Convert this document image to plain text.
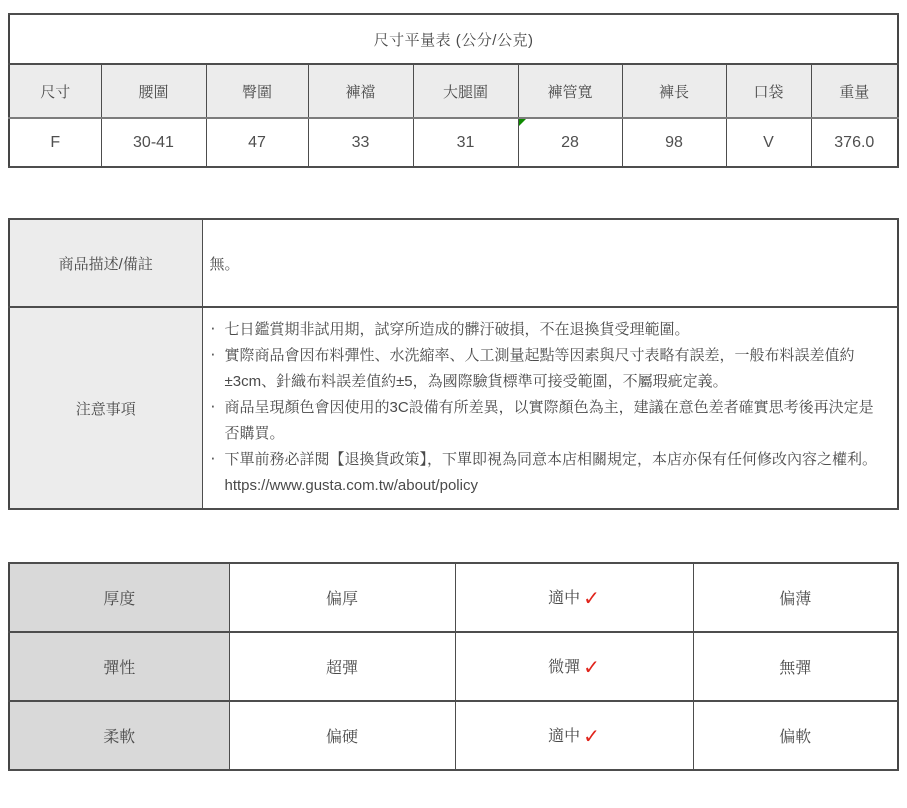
尺寸平量表 (公分/公克)								
尺寸	腰圍	臀圍	褲襠	大腿圍	褲管寬	褲長	口袋	重量
F	30-41	47	33	31	28	98	V	376.0
商品描述/備註	無。
注意事項	
‧ 七日鑑賞期非試用期，試穿所造成的髒汙破損，不在退換貨受理範圍。
‧ 實際商品會因布料彈性、水洗縮率、人工測量起點等因素與尺寸表略有誤差，一般布料誤差值約±3cm、針織布料誤差值約±5，為國際驗貨標準可接受範圍，不屬瑕疵定義。
‧ 商品呈現顏色會因使用的3C設備有所差異，以實際顏色為主，建議在意色差者確實思考後再決定是否購買。
‧ 下單前務必詳閱【退換貨政策】，下單即視為同意本店相關規定，本店亦保有任何修改內容之權利。 https://www.gusta.com.tw/about/policy
厚度	偏厚	適中 ✓	偏薄
彈性	超彈	微彈 ✓	無彈
柔軟	偏硬	適中 ✓	偏軟
